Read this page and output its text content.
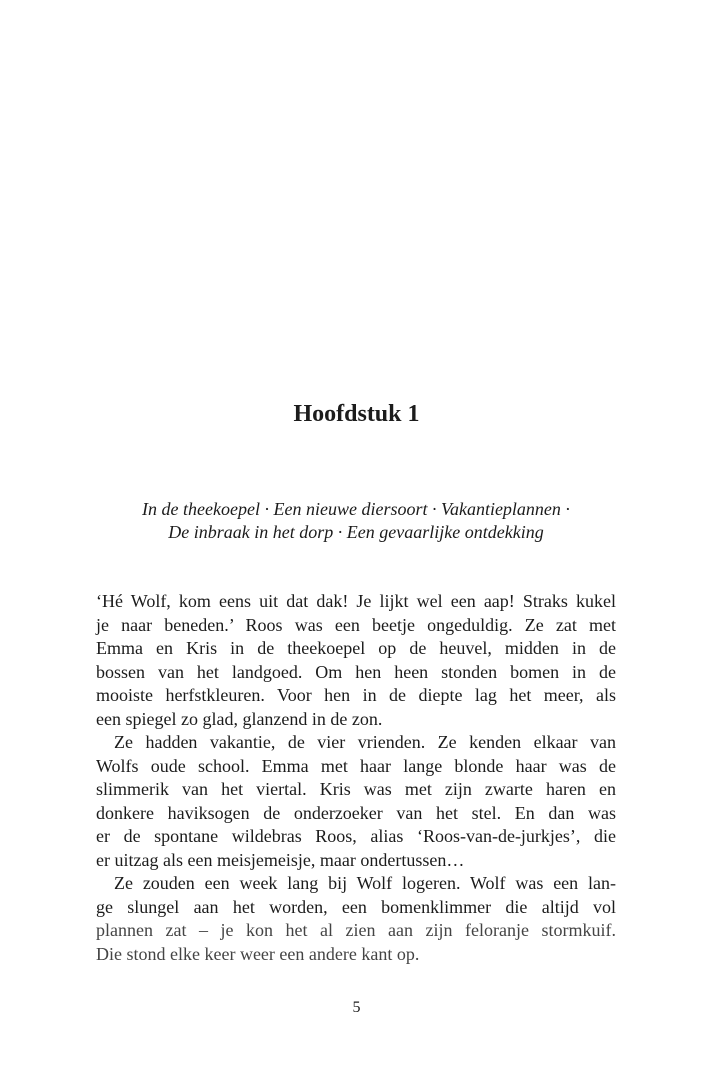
Hoofdstuk 1
In de theekoepel · Een nieuwe diersoort · Vakantieplannen ·
De inbraak in het dorp · Een gevaarlijke ontdekking
‘Hé Wolf, kom eens uit dat dak! Je lijkt wel een aap! Straks kukel
je naar beneden.’ Roos was een beetje ongeduldig. Ze zat met
Emma en Kris in de theekoepel op de heuvel, midden in de
bossen van het landgoed. Om hen heen stonden bomen in de
mooiste herfstkleuren. Voor hen in de diepte lag het meer, als
een spiegel zo glad, glanzend in de zon.
Ze hadden vakantie, de vier vrienden. Ze kenden elkaar van
Wolfs oude school. Emma met haar lange blonde haar was de
slimmerik van het viertal. Kris was met zijn zwarte haren en
donkere haviksogen de onderzoeker van het stel. En dan was
er de spontane wildebras Roos, alias ‘Roos-van-de-jurkjes’, die
er uitzag als een meisjemeisje, maar ondertussen…
Ze zouden een week lang bij Wolf logeren. Wolf was een lan-
ge slungel aan het worden, een bomenklimmer die altijd vol
plannen zat – je kon het al zien aan zijn feloranje stormkuif.
Die stond elke keer weer een andere kant op.
5
